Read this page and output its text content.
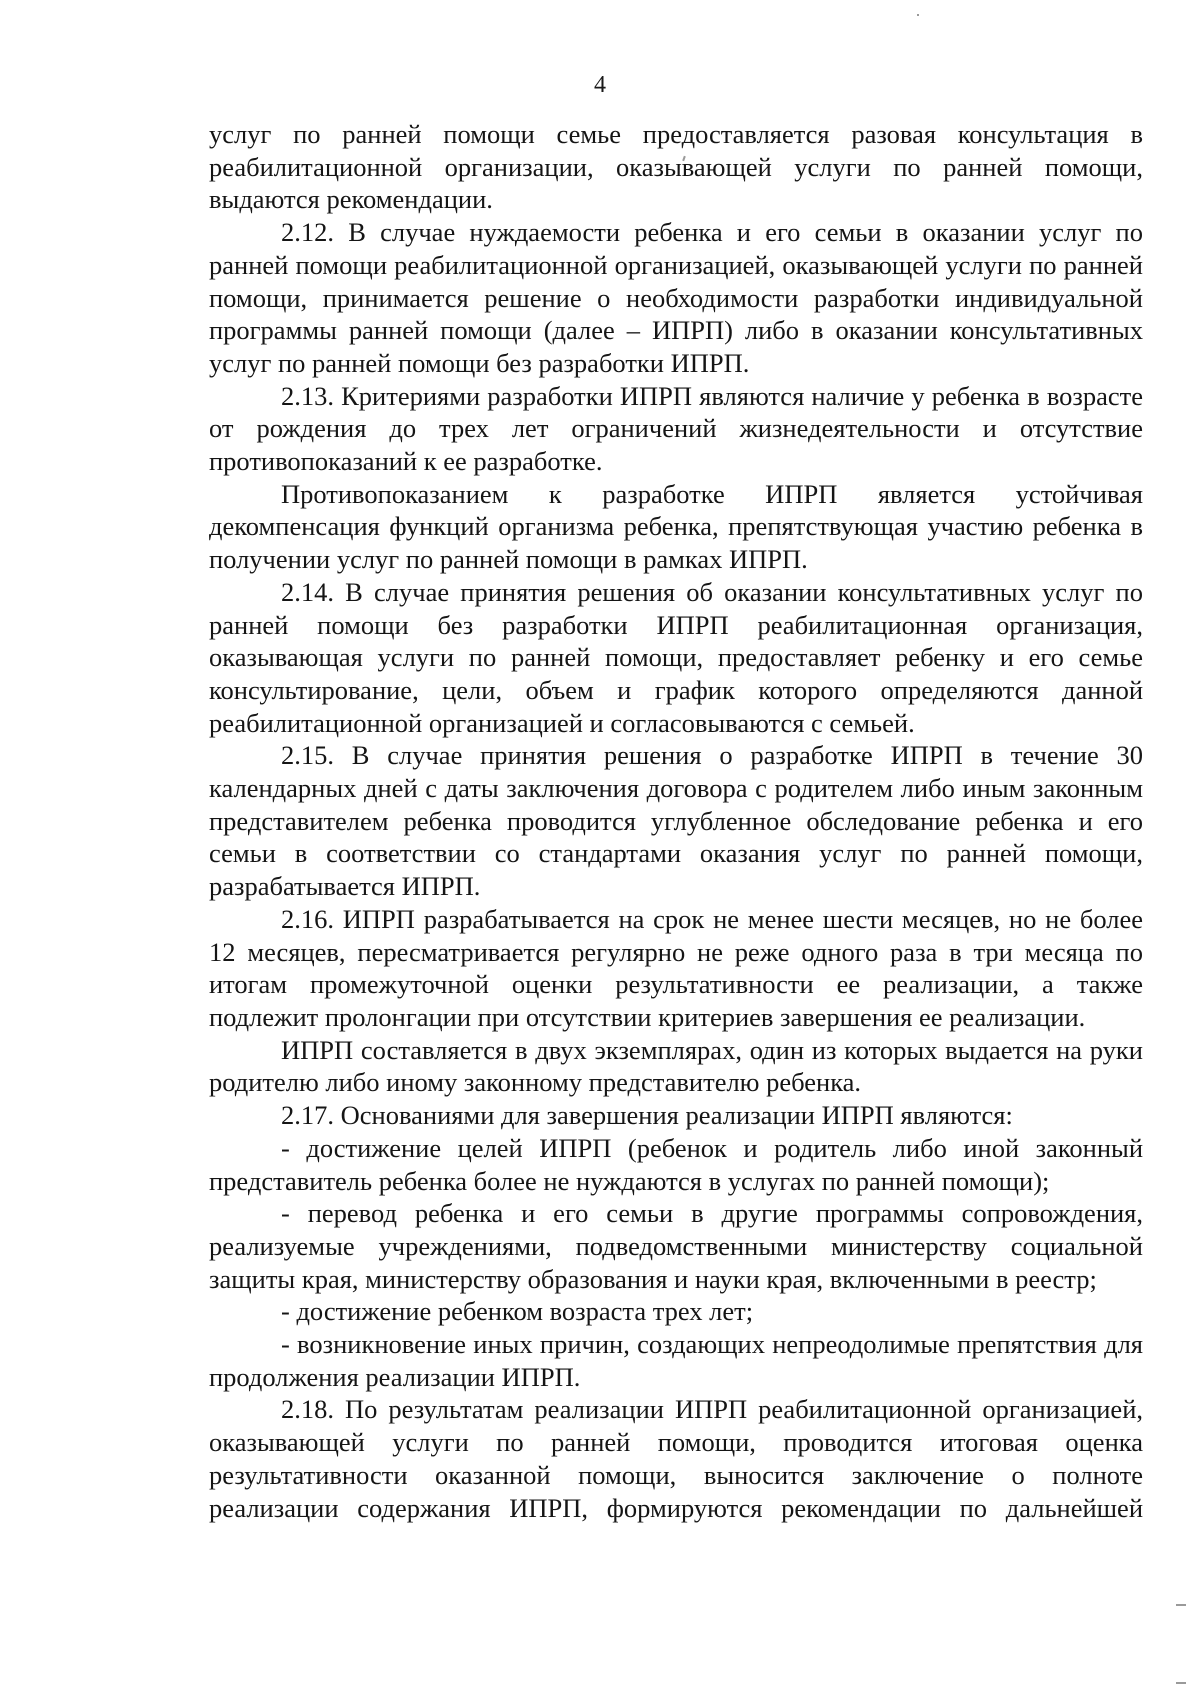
4

услуг по ранней помощи семье предоставляется разовая консультация в реабилитационной организации, оказывающей услуги по ранней помощи, выдаются рекомендации.

2.12. В случае нуждаемости ребенка и его семьи в оказании услуг по ранней помощи реабилитационной организацией, оказывающей услуги по ранней помощи, принимается решение о необходимости разработки индивидуальной программы ранней помощи (далее – ИПРП) либо в оказании консультативных услуг по ранней помощи без разработки ИПРП.

2.13. Критериями разработки ИПРП являются наличие у ребенка в возрасте от рождения до трех лет ограничений жизнедеятельности и отсутствие противопоказаний к ее разработке.

Противопоказанием к разработке ИПРП является устойчивая декомпенсация функций организма ребенка, препятствующая участию ребенка в получении услуг по ранней помощи в рамках ИПРП.

2.14. В случае принятия решения об оказании консультативных услуг по ранней помощи без разработки ИПРП реабилитационная организация, оказывающая услуги по ранней помощи, предоставляет ребенку и его семье консультирование, цели, объем и график которого определяются данной реабилитационной организацией и согласовываются с семьей.

2.15. В случае принятия решения о разработке ИПРП в течение 30 календарных дней с даты заключения договора с родителем либо иным законным представителем ребенка проводится углубленное обследование ребенка и его семьи в соответствии со стандартами оказания услуг по ранней помощи, разрабатывается ИПРП.

2.16. ИПРП разрабатывается на срок не менее шести месяцев, но не более 12 месяцев, пересматривается регулярно не реже одного раза в три месяца по итогам промежуточной оценки результативности ее реализации, а также подлежит пролонгации при отсутствии критериев завершения ее реализации.

ИПРП составляется в двух экземплярах, один из которых выдается на руки родителю либо иному законному представителю ребенка.

2.17. Основаниями для завершения реализации ИПРП являются:

- достижение целей ИПРП (ребенок и родитель либо иной законный представитель ребенка более не нуждаются в услугах по ранней помощи);

- перевод ребенка и его семьи в другие программы сопровождения, реализуемые учреждениями, подведомственными министерству социальной защиты края, министерству образования и науки края, включенными в реестр;

- достижение ребенком возраста трех лет;

- возникновение иных причин, создающих непреодолимые препятствия для продолжения реализации ИПРП.

2.18. По результатам реализации ИПРП реабилитационной организацией, оказывающей услуги по ранней помощи, проводится итоговая оценка результативности оказанной помощи, выносится заключение о полноте реализации содержания ИПРП, формируются рекомендации по дальнейшей
